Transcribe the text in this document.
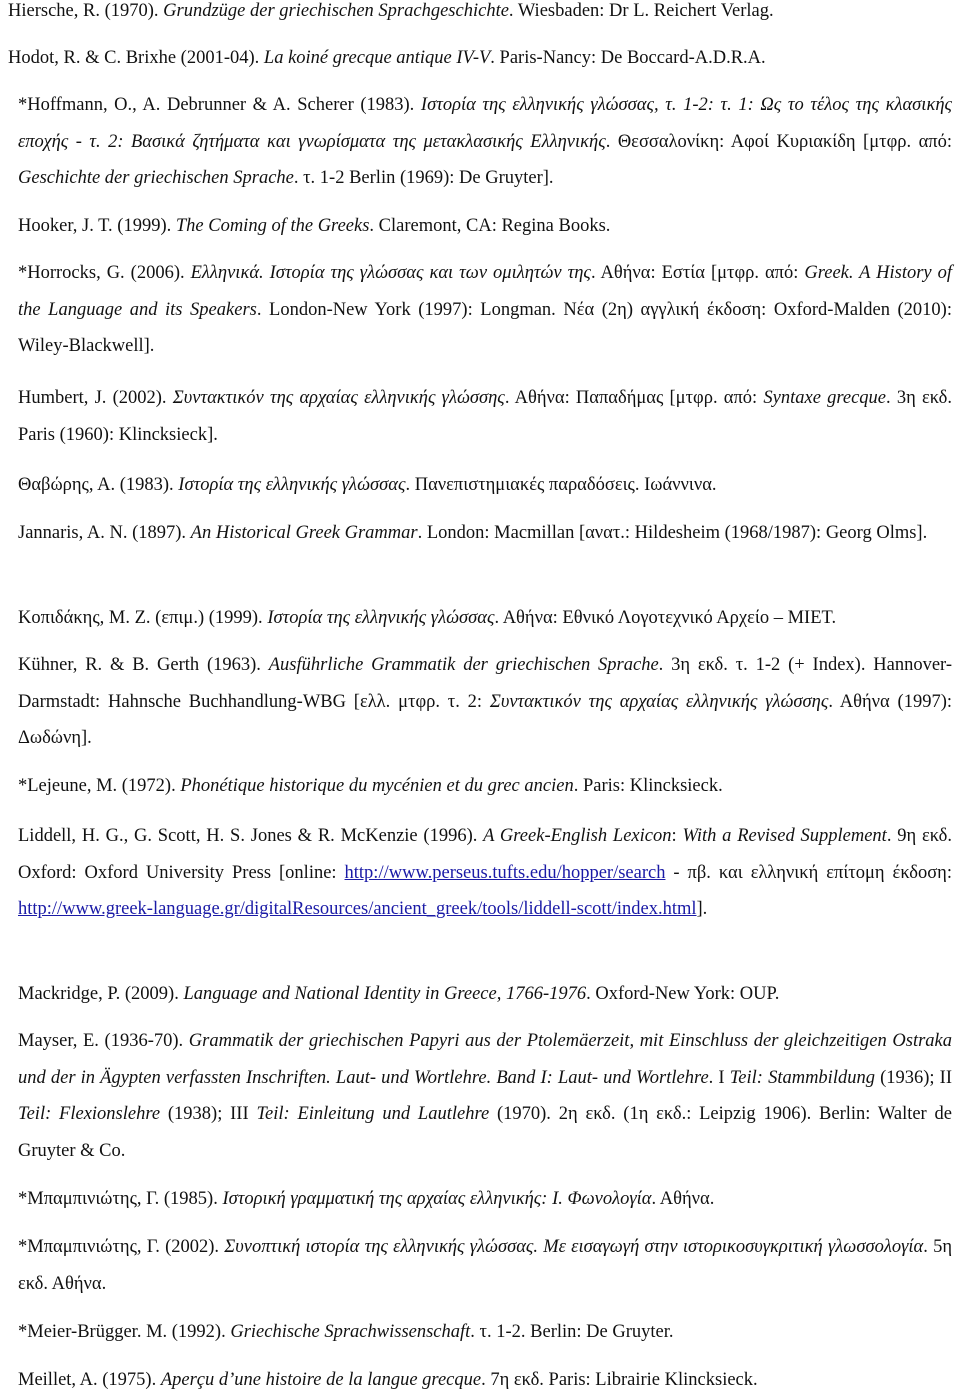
Hiersche, R. (1970). Grundzüge der griechischen Sprachgeschichte. Wiesbaden: Dr L. Reichert Verlag.

Hodot, R. & C. Brixhe (2001-04). La koiné grecque antique IV-V. Paris-Nancy: De Boccard-A.D.R.A.

*Hoffmann, O., A. Debrunner & A. Scherer (1983). Ιστορία της ελληνικής γλώσσας, τ. 1-2: τ. 1: Ως το τέλος της κλασικής εποχής - τ. 2: Βασικά ζητήματα και γνωρίσματα της μετακλασικής Ελληνικής. Θεσσαλονίκη: Αφοί Κυριακίδη [μτφρ. από: Geschichte der griechischen Sprache. τ. 1-2 Berlin (1969): De Gruyter].

Hooker, J. T. (1999). The Coming of the Greeks. Claremont, CA: Regina Books.

*Horrocks, G. (2006). Ελληνικά. Ιστορία της γλώσσας και των ομιλητών της. Αθήνα: Εστία [μτφρ. από: Greek. A History of the Language and its Speakers. London-New York (1997): Longman. Νέα (2η) αγγλική έκδοση: Oxford-Malden (2010): Wiley-Blackwell].

Humbert, J. (2002). Συντακτικόν της αρχαίας ελληνικής γλώσσης. Αθήνα: Παπαδήμας [μτφρ. από: Syntaxe grecque. 3η εκδ. Paris (1960): Klincksieck].

Θαβώρης, Α. (1983). Ιστορία της ελληνικής γλώσσας. Πανεπιστημιακές παραδόσεις. Ιωάννινα.

Jannaris, A. N. (1897). An Historical Greek Grammar. London: Macmillan [ανατ.: Hildesheim (1968/1987): Georg Olms].

Κοπιδάκης, Μ. Ζ. (επιμ.) (1999). Ιστορία της ελληνικής γλώσσας. Αθήνα: Εθνικό Λογοτεχνικό Αρχείο – ΜΙΕΤ.

Kühner, R. & B. Gerth (1963). Ausführliche Grammatik der griechischen Sprache. 3η εκδ. τ. 1-2 (+ Index). Hannover-Darmstadt: Hahnsche Buchhandlung-WBG [ελλ. μτφρ. τ. 2: Συντακτικόν της αρχαίας ελληνικής γλώσσης. Αθήνα (1997): Δωδώνη].

*Lejeune, M. (1972). Phonétique historique du mycénien et du grec ancien. Paris: Klincksieck.

Liddell, H. G., G. Scott, H. S. Jones & R. McKenzie (1996). A Greek-English Lexicon: With a Revised Supplement. 9η εκδ. Oxford: Oxford University Press [online: http://www.perseus.tufts.edu/hopper/search - πβ. και ελληνική επίτομη έκδοση: http://www.greek-language.gr/digitalResources/ancient_greek/tools/liddell-scott/index.html].

Mackridge, P. (2009). Language and National Identity in Greece, 1766-1976. Oxford-New York: OUP.

Mayser, E. (1936-70). Grammatik der griechischen Papyri aus der Ptolemäerzeit, mit Einschluss der gleichzeitigen Ostraka und der in Ägypten verfassten Inschriften. Laut- und Wortlehre. Band I: Laut- und Wortlehre. I Teil: Stammbildung (1936); II Teil: Flexionslehre (1938); III Teil: Einleitung und Lautlehre (1970). 2η εκδ. (1η εκδ.: Leipzig 1906). Berlin: Walter de Gruyter & Co.

*Μπαμπινιώτης, Γ. (1985). Ιστορική γραμματική της αρχαίας ελληνικής: Ι. Φωνολογία. Αθήνα.

*Μπαμπινιώτης, Γ. (2002). Συνοπτική ιστορία της ελληνικής γλώσσας. Με εισαγωγή στην ιστορικοσυγκριτική γλωσσολογία. 5η εκδ. Αθήνα.

*Meier-Brügger. M. (1992). Griechische Sprachwissenschaft. τ. 1-2. Berlin: De Gruyter.

Meillet, A. (1975). Aperçu d’une histoire de la langue grecque. 7η εκδ. Paris: Librairie Klincksieck.
